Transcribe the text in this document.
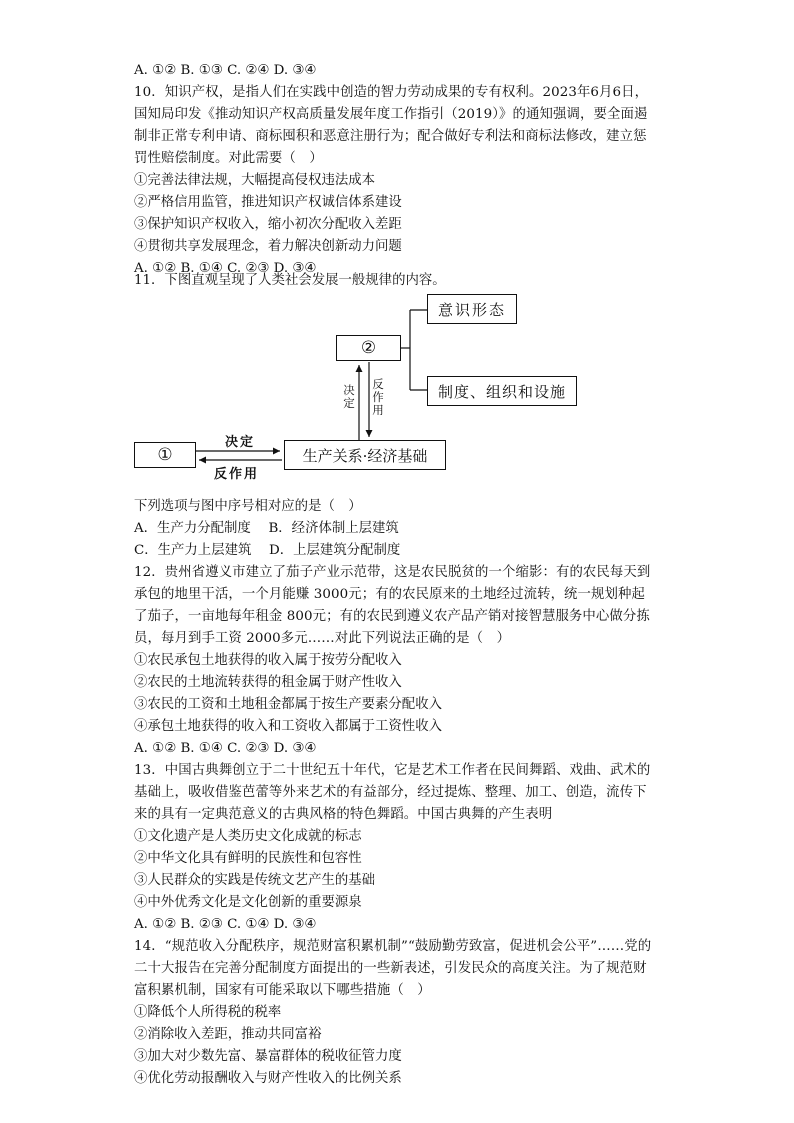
A. ①② B. ①③ C. ②④ D. ③④
10．知识产权，是指人们在实践中创造的智力劳动成果的专有权利。2023年6月6日，
国知局印发《推动知识产权高质量发展年度工作指引（2019）》的通知强调，要全面遏
制非正常专利申请、商标囤积和恶意注册行为；配合做好专利法和商标法修改，建立惩
罚性赔偿制度。对此需要（　）
①完善法律法规，大幅提高侵权违法成本
②严格信用监管，推进知识产权诚信体系建设
③保护知识产权收入，缩小初次分配收入差距
④贯彻共享发展理念，着力解决创新动力问题
A. ①② B. ①④ C. ②③ D. ③④
11．下图直观呈现了人类社会发展一般规律的内容。
意识形态
②
制度、组织和设施
①	生产关系·经济基础
决定
反作用
决定
反作用
下列选项与图中序号相对应的是（　）
A．生产力分配制度　 B．经济体制上层建筑
C．生产力上层建筑　 D．上层建筑分配制度
12．贵州省遵义市建立了茄子产业示范带，这是农民脱贫的一个缩影：有的农民每天到
承包的地里干活，一个月能赚 3000元；有的农民原来的土地经过流转，统一规划种起
了茄子，一亩地每年租金 800元；有的农民到遵义农产品产销对接智慧服务中心做分拣
员，每月到手工资 2000多元……对此下列说法正确的是（　）
①农民承包土地获得的收入属于按劳分配收入
②农民的土地流转获得的租金属于财产性收入
③农民的工资和土地租金都属于按生产要素分配收入
④承包土地获得的收入和工资收入都属于工资性收入
A. ①② B. ①④ C. ②③ D. ③④
13．中国古典舞创立于二十世纪五十年代，它是艺术工作者在民间舞蹈、戏曲、武术的
基础上，吸收借鉴芭蕾等外来艺术的有益部分，经过提炼、整理、加工、创造，流传下
来的具有一定典范意义的古典风格的特色舞蹈。中国古典舞的产生表明
①文化遗产是人类历史文化成就的标志
②中华文化具有鲜明的民族性和包容性
③人民群众的实践是传统文艺产生的基础
④中外优秀文化是文化创新的重要源泉
A. ①② B. ②③ C. ①④ D. ③④
14．“规范收入分配秩序，规范财富积累机制”“鼓励勤劳致富，促进机会公平”……党的
二十大报告在完善分配制度方面提出的一些新表述，引发民众的高度关注。为了规范财
富积累机制，国家有可能采取以下哪些措施（　）
①降低个人所得税的税率
②消除收入差距，推动共同富裕
③加大对少数先富、暴富群体的税收征管力度
④优化劳动报酬收入与财产性收入的比例关系
